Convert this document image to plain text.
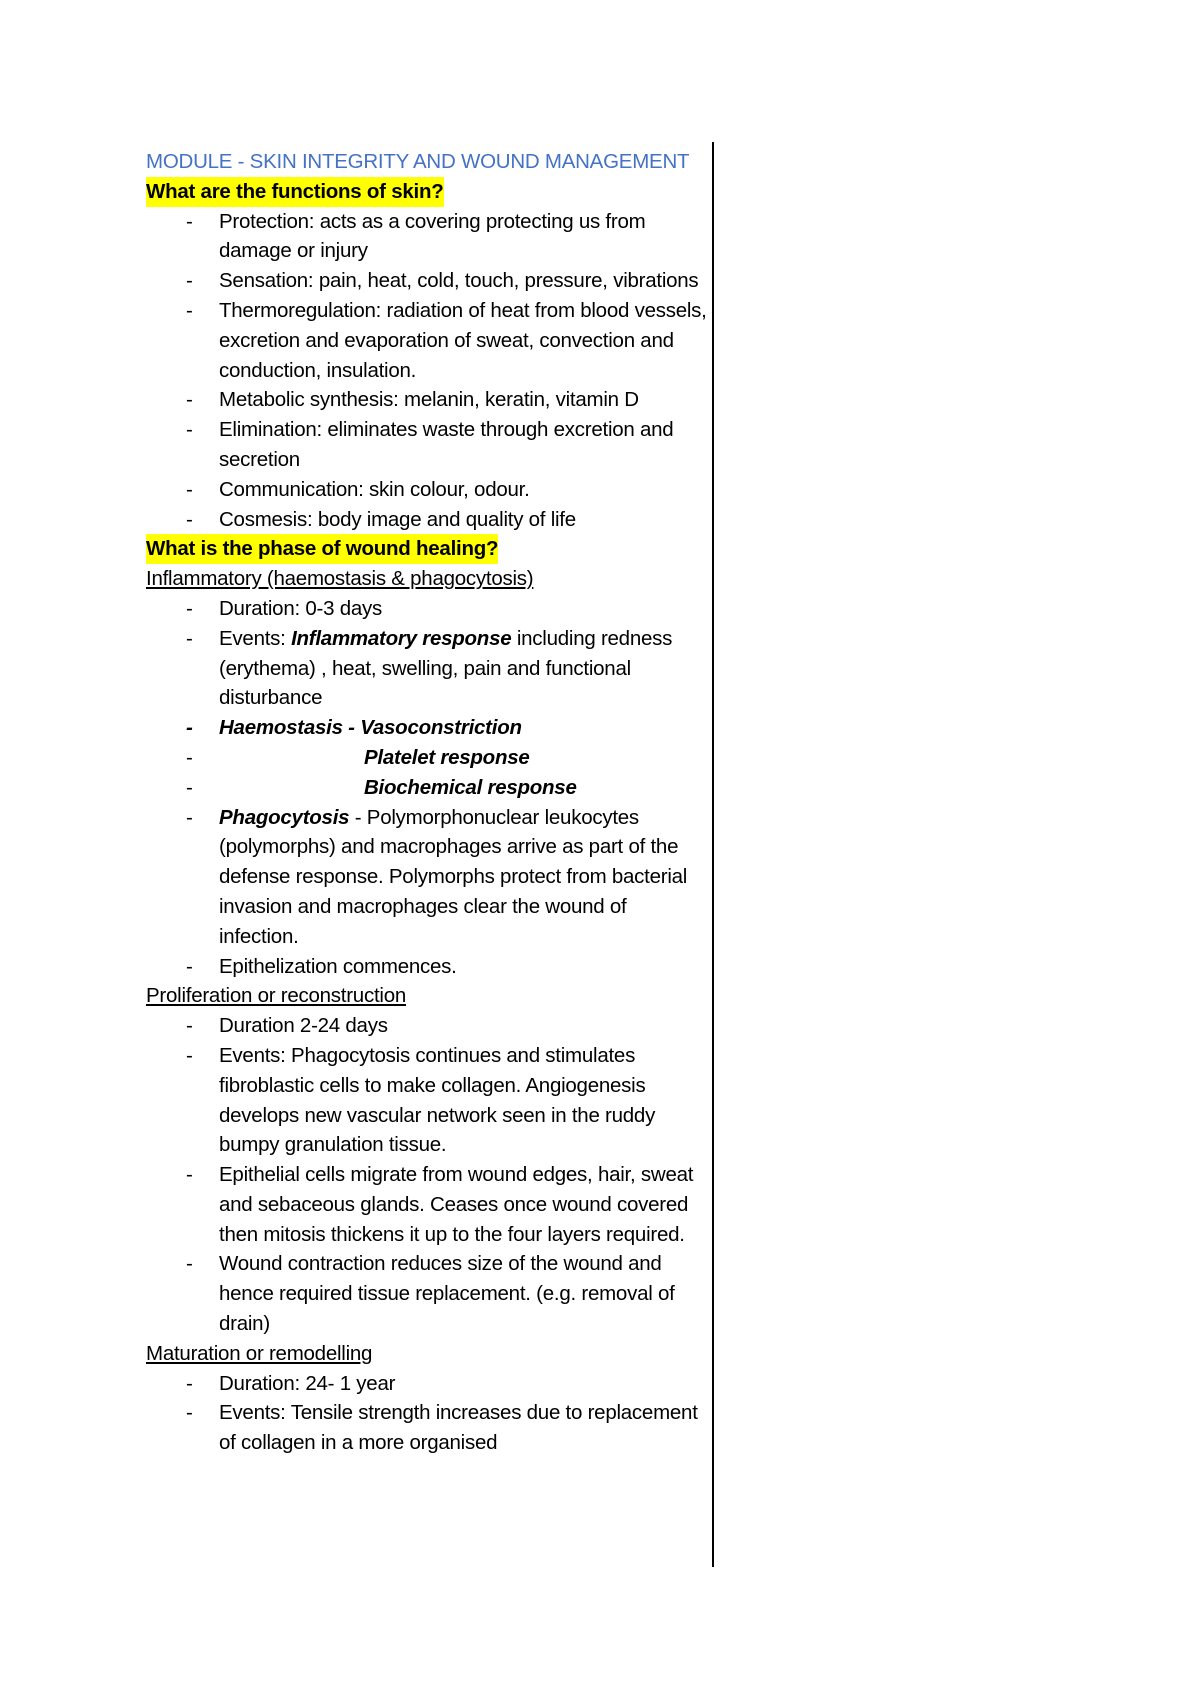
MODULE - SKIN INTEGRITY AND WOUND MANAGEMENT
What are the functions of skin?
- Protection: acts as a covering protecting us from damage or injury
- Sensation: pain, heat, cold, touch, pressure, vibrations
- Thermoregulation: radiation of heat from blood vessels, excretion and evaporation of sweat, convection and conduction, insulation.
- Metabolic synthesis: melanin, keratin, vitamin D
- Elimination: eliminates waste through excretion and secretion
- Communication: skin colour, odour.
- Cosmesis: body image and quality of life
What is the phase of wound healing?
Inflammatory (haemostasis & phagocytosis)
- Duration: 0-3 days
- Events: Inflammatory response including redness (erythema) , heat, swelling, pain and functional disturbance
- Haemostasis - Vasoconstriction
- Platelet response
- Biochemical response
- Phagocytosis - Polymorphonuclear leukocytes (polymorphs) and macrophages arrive as part of the defense response. Polymorphs protect from bacterial invasion and macrophages clear the wound of infection.
- Epithelization commences.
Proliferation or reconstruction
- Duration 2-24 days
- Events: Phagocytosis continues and stimulates fibroblastic cells to make collagen. Angiogenesis develops new vascular network seen in the ruddy bumpy granulation tissue.
- Epithelial cells migrate from wound edges, hair, sweat and sebaceous glands. Ceases once wound covered then mitosis thickens it up to the four layers required.
- Wound contraction reduces size of the wound and hence required tissue replacement. (e.g. removal of drain)
Maturation or remodelling
- Duration: 24- 1 year
- Events: Tensile strength increases due to replacement of collagen in a more organised
